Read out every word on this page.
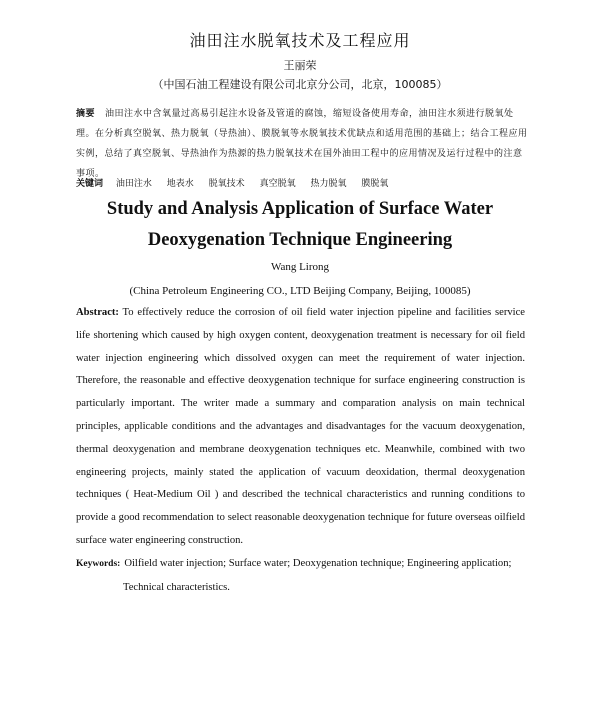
油田注水脱氧技术及工程应用
王丽荣
（中国石油工程建设有限公司北京分公司，北京，100085）
摘要 油田注水中含氧量过高易引起注水设备及管道的腐蚀，缩短设备使用寿命，油田注水须进行脱氧处理。在分析真空脱氧、热力脱氧（导热油）、膜脱氧等水脱氧技术优缺点和适用范围的基础上；结合工程应用实例，总结了真空脱氧、导热油作为热源的热力脱氧技术在国外油田工程中的应用情况及运行过程中的注意事项。
关键词 油田注水 地表水 脱氧技术 真空脱氧 热力脱氧 膜脱氧
Study and Analysis Application of Surface Water
Deoxygenation Technique Engineering
Wang Lirong
(China Petroleum Engineering CO., LTD Beijing Company, Beijing, 100085)
Abstract: To effectively reduce the corrosion of oil field water injection pipeline and facilities service life shortening which caused by high oxygen content, deoxygenation treatment is necessary for oil field water injection engineering which dissolved oxygen can meet the requirement of water injection. Therefore, the reasonable and effective deoxygenation technique for surface engineering construction is particularly important. The writer made a summary and comparation analysis on main technical principles, applicable conditions and the advantages and disadvantages for the vacuum deoxygenation, thermal deoxygenation and membrane deoxygenation techniques etc. Meanwhile, combined with two engineering projects, mainly stated the application of vacuum deoxidation, thermal deoxygenation techniques ( Heat-Medium Oil ) and described the technical characteristics and running conditions to provide a good recommendation to select reasonable deoxygenation technique for future overseas oilfield surface water engineering construction.
Keywords: Oilfield water injection; Surface water; Deoxygenation technique; Engineering application;
Technical characteristics.
